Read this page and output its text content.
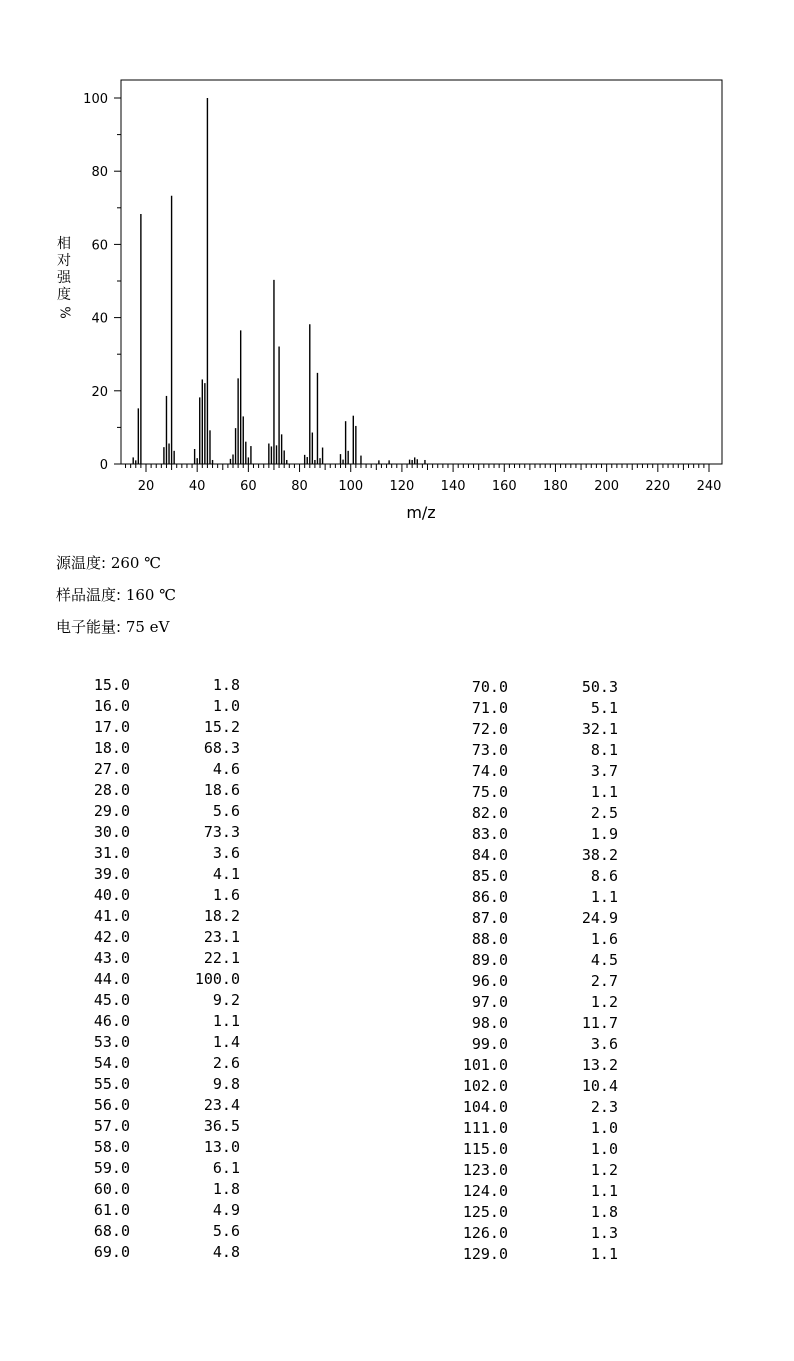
0
20
40
60
80
100
20	40	60	80 100 120 140 160 180 200 220 240
m/z
相
对
强
度
%
源温度: 260 ℃
样品温度: 160 ℃
电子能量: 75 eV
15.0	1.8
16.0	1.0
17.0	15.2
18.0	68.3
27.0	4.6
28.0	18.6
29.0	5.6
30.0	73.3
31.0	3.6
39.0	4.1
40.0	1.6
41.0	18.2
42.0	23.1
43.0	22.1
44.0	100.0
45.0	9.2
46.0	1.1
53.0	1.4
54.0	2.6
55.0	9.8
56.0	23.4
57.0	36.5
58.0	13.0
59.0	6.1
60.0	1.8
61.0	4.9
68.0	5.6
69.0	4.8
70.0	50.3
71.0	5.1
72.0	32.1
73.0	8.1
74.0	3.7
75.0	1.1
82.0	2.5
83.0	1.9
84.0	38.2
85.0	8.6
86.0	1.1
87.0	24.9
88.0	1.6
89.0	4.5
96.0	2.7
97.0	1.2
98.0	11.7
99.0	3.6
101.0	13.2
102.0	10.4
104.0	2.3
111.0	1.0
115.0	1.0
123.0	1.2
124.0	1.1
125.0	1.8
126.0	1.3
129.0	1.1
